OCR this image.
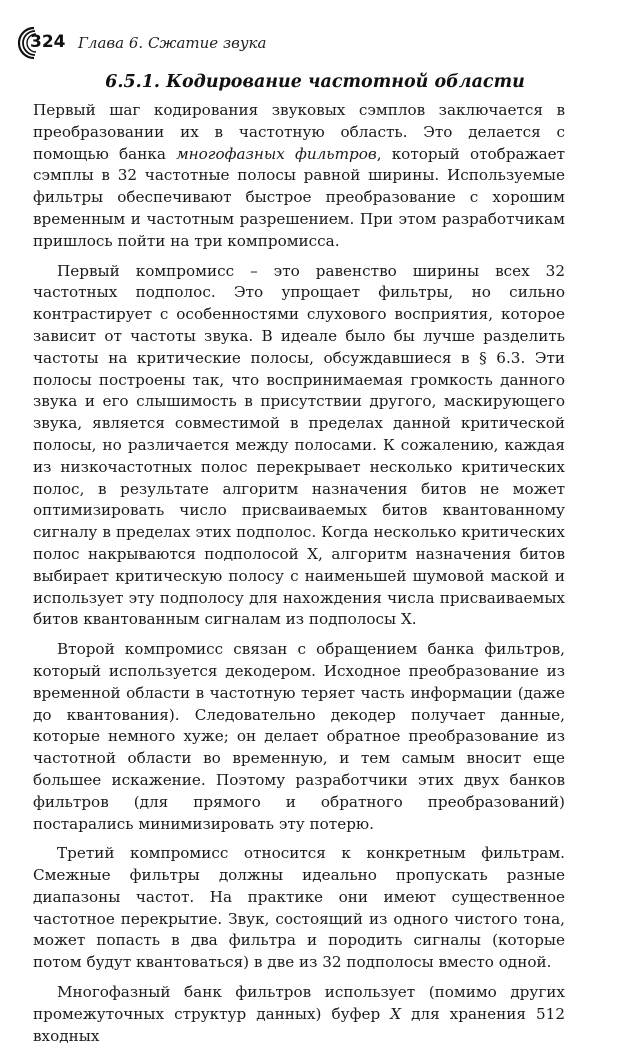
324 Глава 6. Сжатие звука
6.5.1. Кодирование частотной области

Первый шаг кодирования звуковых сэмплов заключается в преобразовании их в частотную область. Это делается с помощью банка многофазных фильтров, который отображает сэмплы в 32 частотные полосы равной ширины. Используемые фильтры обеспечивают быстрое преобразование с хорошим временным и частотным разрешением. При этом разработчикам пришлось пойти на три компромисса.

Первый компромисс – это равенство ширины всех 32 частотных подполос. Это упрощает фильтры, но сильно контрастирует с особенностями слухового восприятия, которое зависит от частоты звука. В идеале было бы лучше разделить частоты на критические полосы, обсуждавшиеся в § 6.3. Эти полосы построены так, что воспринимаемая громкость данного звука и его слышимость в присутствии другого, маскирующего звука, является совместимой в пределах данной критической полосы, но различается между полосами. К сожалению, каждая из низкочастотных полос перекрывает несколько критических полос, в результате алгоритм назначения битов не может оптимизировать число присваиваемых битов квантованному сигналу в пределах этих подполос. Когда несколько критических полос накрываются подполосой X, алгоритм назначения битов выбирает критическую полосу с наименьшей шумовой маской и использует эту подполосу для нахождения числа присваиваемых битов квантованным сигналам из подполосы X.

Второй компромисс связан с обращением банка фильтров, который используется декодером. Исходное преобразование из временной области в частотную теряет часть информации (даже до квантования). Следовательно декодер получает данные, которые немного хуже; он делает обратное преобразование из частотной области во временную, и тем самым вносит еще большее искажение. Поэтому разработчики этих двух банков фильтров (для прямого и обратного преобразований) постарались минимизировать эту потерю.

Третий компромисс относится к конкретным фильтрам. Смежные фильтры должны идеально пропускать разные диапазоны частот. На практике они имеют существенное частотное перекрытие. Звук, состоящий из одного чистого тона, может попасть в два фильтра и породить сигналы (которые потом будут квантоваться) в две из 32 подполосы вместо одной.

Многофазный банк фильтров использует (помимо других промежуточных структур данных) буфер X для хранения 512 входных
